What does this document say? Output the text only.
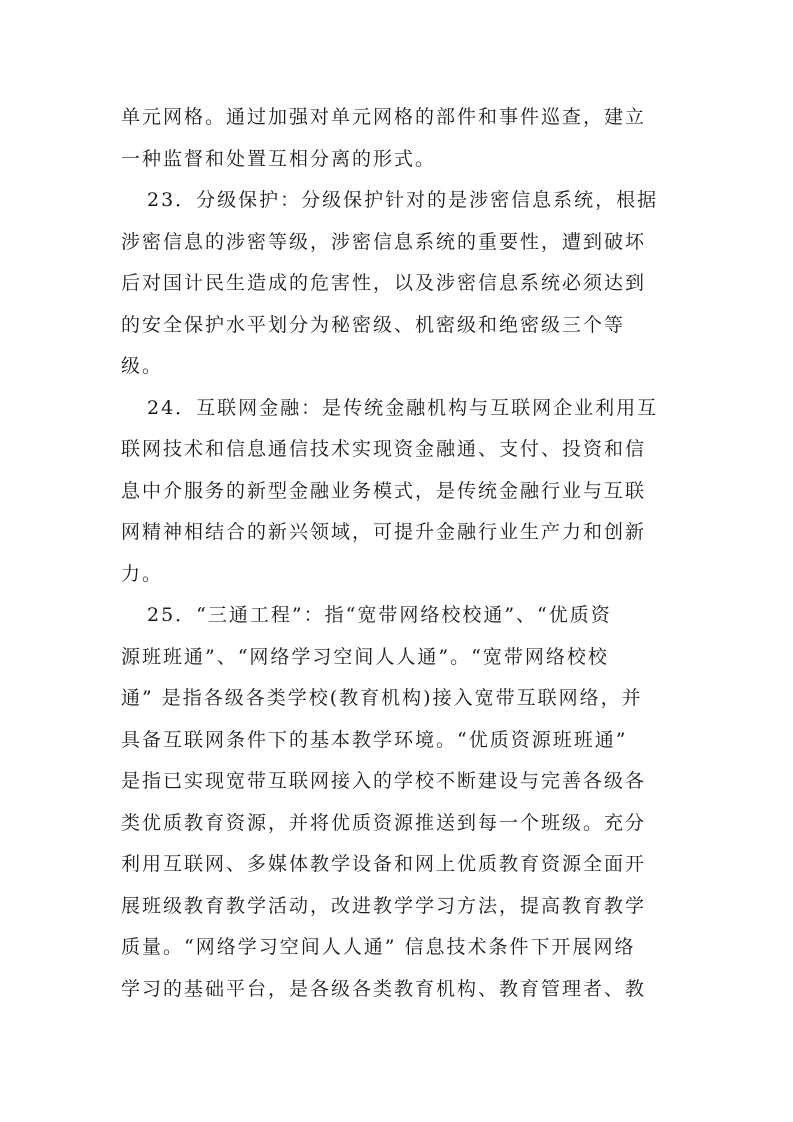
单元网格。通过加强对单元网格的部件和事件巡查，建立
一种监督和处置互相分离的形式。
23．分级保护：分级保护针对的是涉密信息系统，根据
涉密信息的涉密等级，涉密信息系统的重要性，遭到破坏
后对国计民生造成的危害性，以及涉密信息系统必须达到
的安全保护水平划分为秘密级、机密级和绝密级三个等
级。
24．互联网金融：是传统金融机构与互联网企业利用互
联网技术和信息通信技术实现资金融通、支付、投资和信
息中介服务的新型金融业务模式，是传统金融行业与互联
网精神相结合的新兴领域，可提升金融行业生产力和创新
力。
25．“三通工程”：指“宽带网络校校通”、“优质资
源班班通”、“网络学习空间人人通”。“宽带网络校校
通” 是指各级各类学校(教育机构)接入宽带互联网络，并
具备互联网条件下的基本教学环境。“优质资源班班通”
是指已实现宽带互联网接入的学校不断建设与完善各级各
类优质教育资源，并将优质资源推送到每一个班级。充分
利用互联网、多媒体教学设备和网上优质教育资源全面开
展班级教育教学活动，改进教学学习方法，提高教育教学
质量。“网络学习空间人人通” 信息技术条件下开展网络
学习的基础平台，是各级各类教育机构、教育管理者、教
